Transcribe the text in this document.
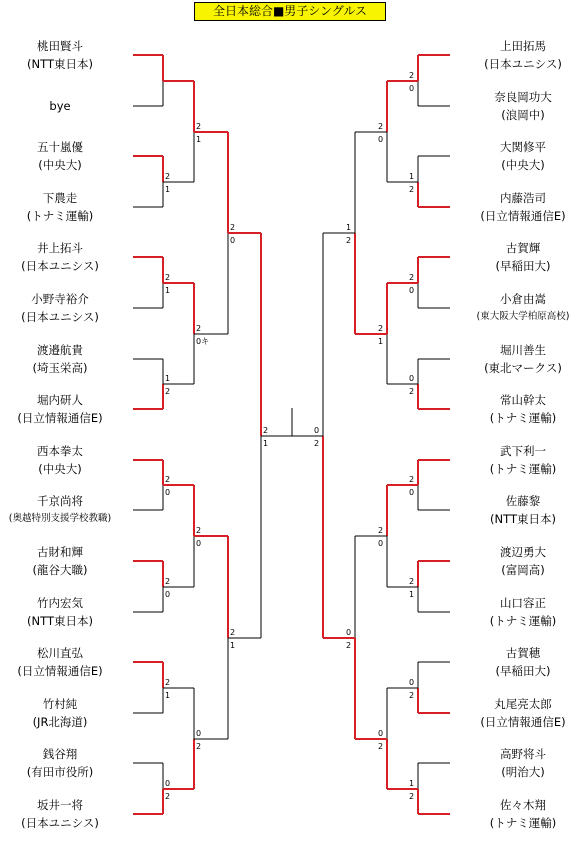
全日本総合■男子シングルス
桃田賢斗
(NTT東日本)
bye
五十嵐優
(中央大)
下農走
(トナミ運輸)
井上拓斗
(日本ユニシス)
小野寺裕介
(日本ユニシス)
渡邉航貴
(埼玉栄高)
堀内研人
(日立情報通信E)
西本拳太
(中央大)
千京尚将
(奥越特別支援学校教職)
古財和輝
(龍谷大職)
竹内宏気
(NTT東日本)
松川直弘
(日立情報通信E)
竹村純
(JR北海道)
銭谷翔
(有田市役所)
坂井一将
(日本ユニシス)
上田拓馬
(日本ユニシス)
奈良岡功大
(浪岡中)
大関修平
(中央大)
内藤浩司
(日立情報通信E)
古賀輝
(早稲田大)
小倉由嵩
(東大阪大学柏原高校)
堀川善生
(東北マークス)
常山幹太
(トナミ運輸)
武下利一
(トナミ運輸)
佐藤黎
(NTT東日本)
渡辺勇大
(富岡高)
山口容正
(トナミ運輸)
古賀穂
(早稲田大)
丸尾亮太郎
(日立情報通信E)
高野将斗
(明治大)
佐々木翔
(トナミ運輸)
2
1
2
1
1
2
2
0
2
0
2
1
0
2
2
1
2
0キ
2
0
0
2
2
0
2
1
2
1
2
0
1
2
2
0
0
2
2
0
2
1
0
2
1
2
2
0
2
1
2
0
0
2
1
2
0
2
0
2
